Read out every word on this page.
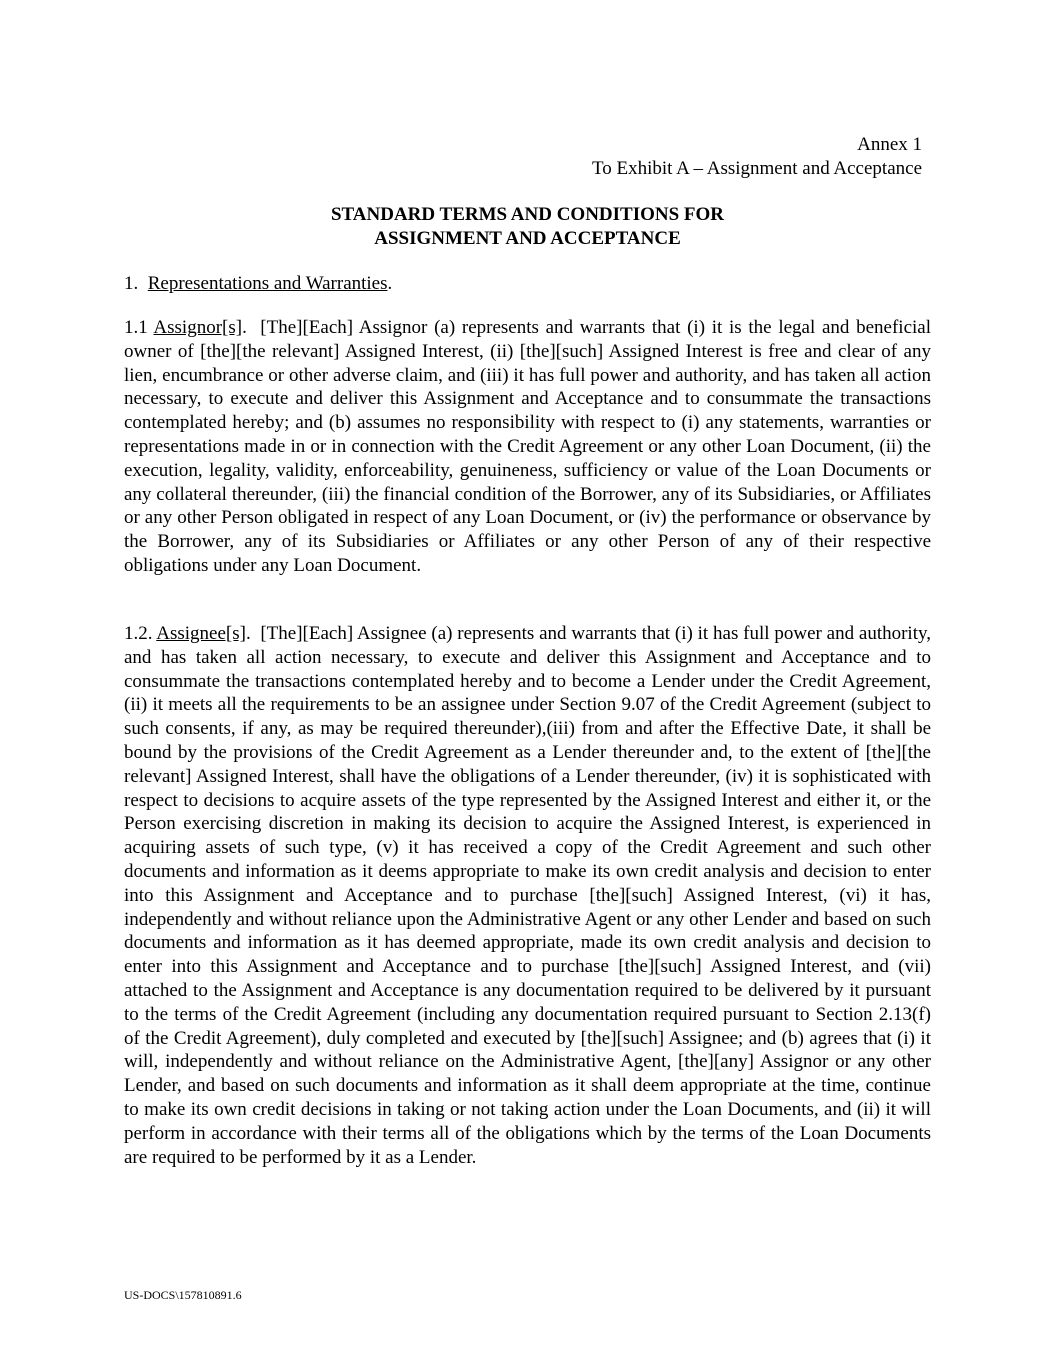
Annex 1
To Exhibit A – Assignment and Acceptance
STANDARD TERMS AND CONDITIONS FOR
ASSIGNMENT AND ACCEPTANCE
1. Representations and Warranties.
1.1 Assignor[s]. [The][Each] Assignor (a) represents and warrants that (i) it is the legal and beneficial owner of [the][the relevant] Assigned Interest, (ii) [the][such] Assigned Interest is free and clear of any lien, encumbrance or other adverse claim, and (iii) it has full power and authority, and has taken all action necessary, to execute and deliver this Assignment and Acceptance and to consummate the transactions contemplated hereby; and (b) assumes no responsibility with respect to (i) any statements, warranties or representations made in or in connection with the Credit Agreement or any other Loan Document, (ii) the execution, legality, validity, enforceability, genuineness, sufficiency or value of the Loan Documents or any collateral thereunder, (iii) the financial condition of the Borrower, any of its Subsidiaries, or Affiliates or any other Person obligated in respect of any Loan Document, or (iv) the performance or observance by the Borrower, any of its Subsidiaries or Affiliates or any other Person of any of their respective obligations under any Loan Document.
1.2. Assignee[s]. [The][Each] Assignee (a) represents and warrants that (i) it has full power and authority, and has taken all action necessary, to execute and deliver this Assignment and Acceptance and to consummate the transactions contemplated hereby and to become a Lender under the Credit Agreement, (ii) it meets all the requirements to be an assignee under Section 9.07 of the Credit Agreement (subject to such consents, if any, as may be required thereunder),(iii) from and after the Effective Date, it shall be bound by the provisions of the Credit Agreement as a Lender thereunder and, to the extent of [the][the relevant] Assigned Interest, shall have the obligations of a Lender thereunder, (iv) it is sophisticated with respect to decisions to acquire assets of the type represented by the Assigned Interest and either it, or the Person exercising discretion in making its decision to acquire the Assigned Interest, is experienced in acquiring assets of such type, (v) it has received a copy of the Credit Agreement and such other documents and information as it deems appropriate to make its own credit analysis and decision to enter into this Assignment and Acceptance and to purchase [the][such] Assigned Interest, (vi) it has, independently and without reliance upon the Administrative Agent or any other Lender and based on such documents and information as it has deemed appropriate, made its own credit analysis and decision to enter into this Assignment and Acceptance and to purchase [the][such] Assigned Interest, and (vii) attached to the Assignment and Acceptance is any documentation required to be delivered by it pursuant to the terms of the Credit Agreement (including any documentation required pursuant to Section 2.13(f) of the Credit Agreement), duly completed and executed by [the][such] Assignee; and (b) agrees that (i) it will, independently and without reliance on the Administrative Agent, [the][any] Assignor or any other Lender, and based on such documents and information as it shall deem appropriate at the time, continue to make its own credit decisions in taking or not taking action under the Loan Documents, and (ii) it will perform in accordance with their terms all of the obligations which by the terms of the Loan Documents are required to be performed by it as a Lender.
US-DOCS\157810891.6
